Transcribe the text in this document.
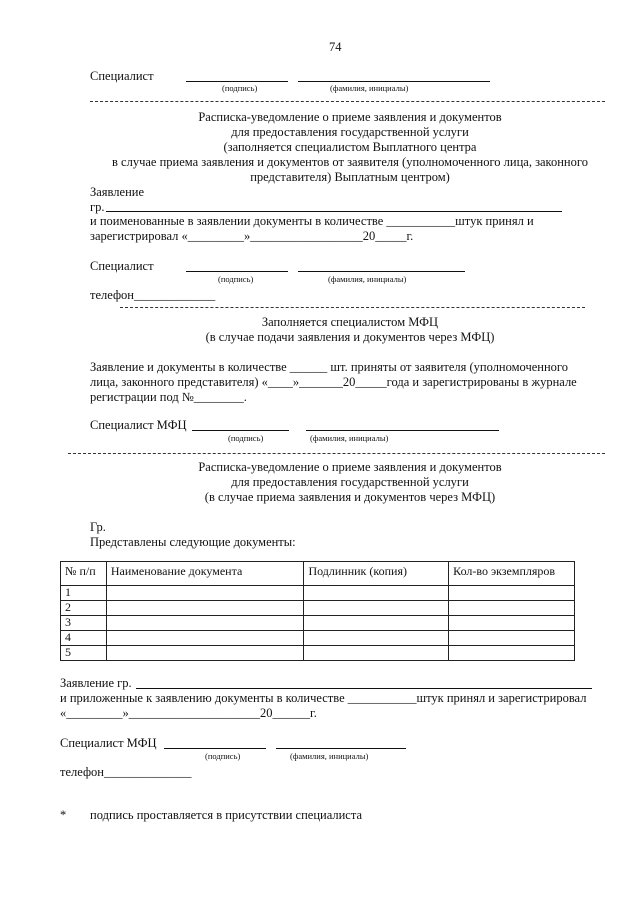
74
Специалист
(подпись)	(фамилия, инициалы)
Расписка-уведомление о приеме заявления и документов
для предоставления государственной услуги
(заполняется специалистом Выплатного центра
в случае приема заявления и документов от заявителя (уполномоченного лица, законного
представителя) Выплатным центром)
Заявление
гр.
и поименованные в заявлении документы в количестве ___________штук принял и
зарегистрировал «_________»__________________20_____г.
Специалист
(подпись)	(фамилия, инициалы)
телефон_____________
Заполняется специалистом МФЦ
(в случае подачи заявления и документов через МФЦ)
Заявление и документы в количестве ______ шт. приняты от заявителя (уполномоченного
лица, законного представителя) «____»_______20_____года и зарегистрированы в журнале
регистрации под №________.
Специалист МФЦ
(подпись)	(фамилия, инициалы)
Расписка-уведомление о приеме заявления и документов
для предоставления государственной услуги
(в случае приема заявления и документов через МФЦ)
Гр.
Представлены следующие документы:
№ п/п	Наименование документа	Подлинник (копия)	Кол-во экземпляров
1			
2			
3			
4			
5			
Заявление гр.
и приложенные к заявлению документы в количестве ___________штук принял и зарегистрировал
«_________»_____________________20______г.
Специалист МФЦ
(подпись)	(фамилия, инициалы)
телефон______________
* подпись проставляется в присутствии специалиста
